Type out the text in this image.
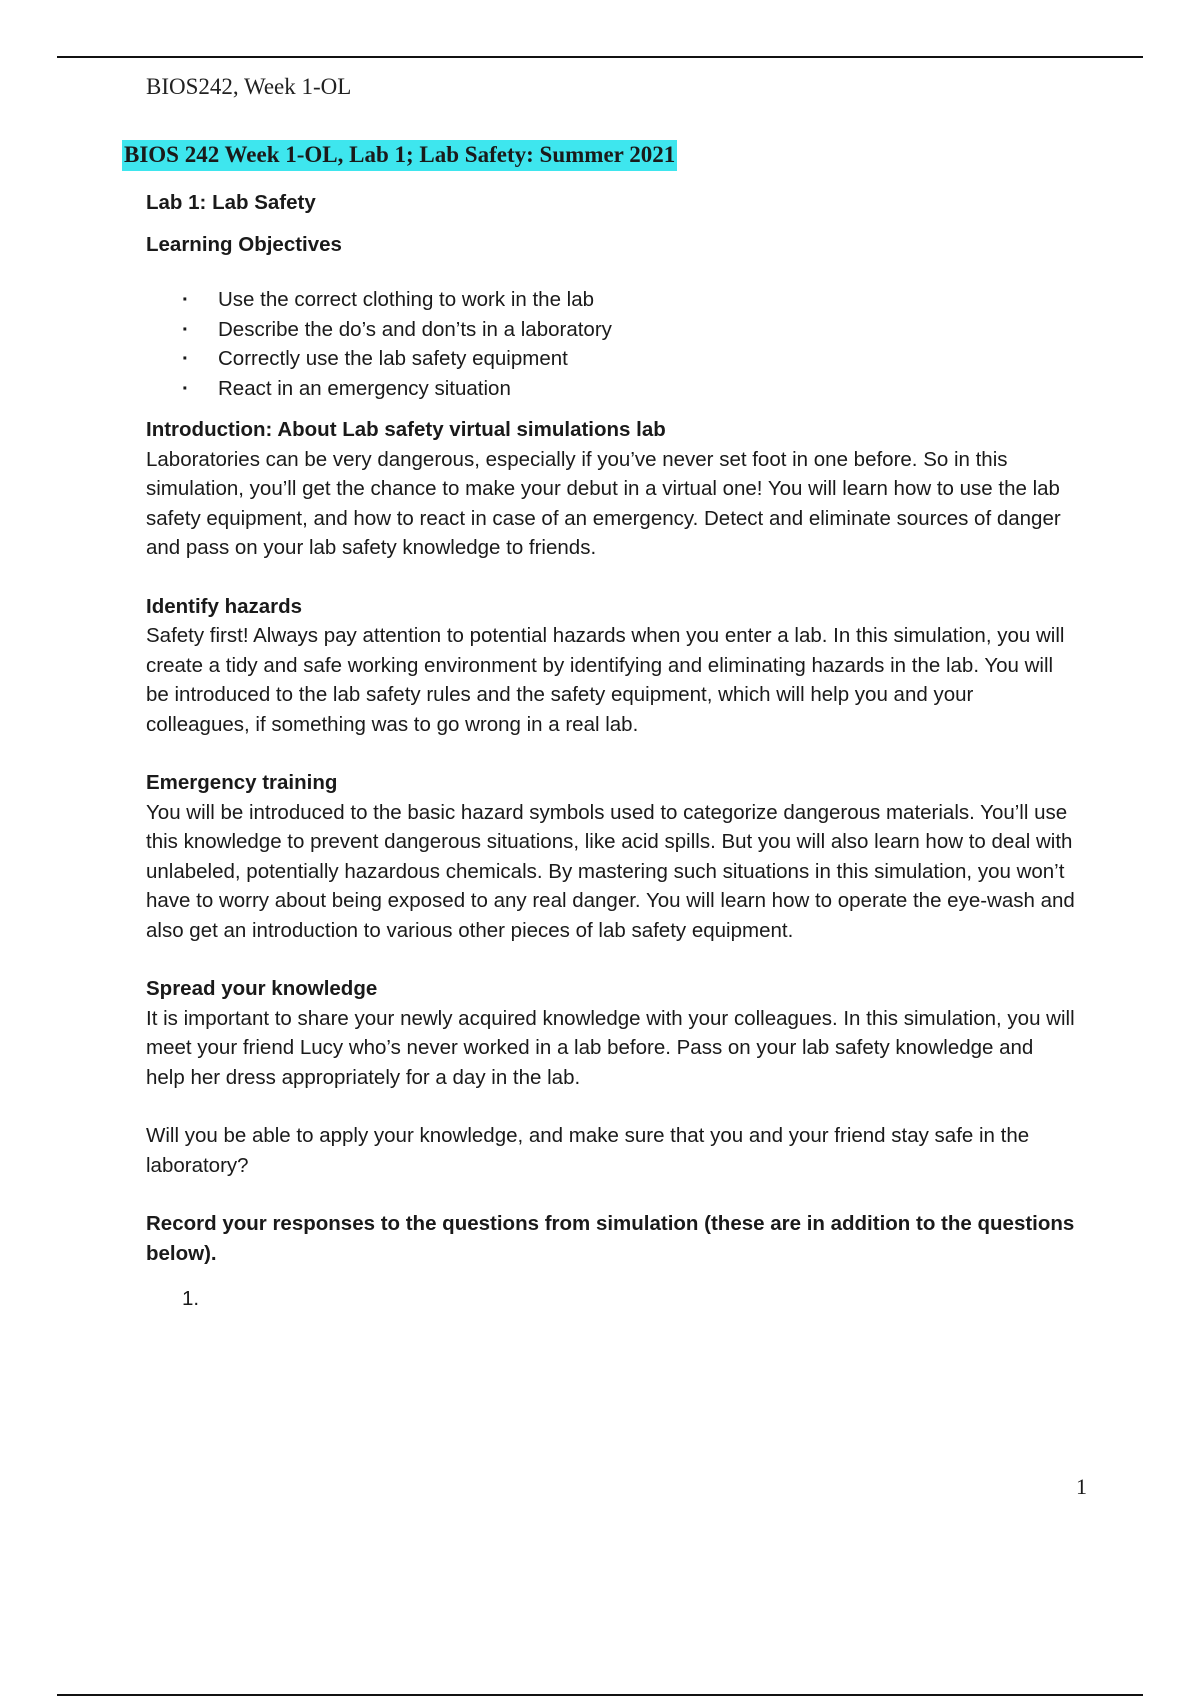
BIOS242, Week 1-OL
BIOS 242 Week 1-OL, Lab 1; Lab Safety: Summer 2021

Lab 1: Lab Safety

Learning Objectives

· Use the correct clothing to work in the lab
· Describe the do’s and don’ts in a laboratory
· Correctly use the lab safety equipment
· React in an emergency situation

Introduction: About Lab safety virtual simulations lab

Laboratories can be very dangerous, especially if you’ve never set foot in one before. So in this simulation, you’ll get the chance to make your debut in a virtual one! You will learn how to use the lab safety equipment, and how to react in case of an emergency. Detect and eliminate sources of danger and pass on your lab safety knowledge to friends.

Identify hazards

Safety first! Always pay attention to potential hazards when you enter a lab. In this simulation, you will create a tidy and safe working environment by identifying and eliminating hazards in the lab. You will be introduced to the lab safety rules and the safety equipment, which will help you and your colleagues, if something was to go wrong in a real lab.

Emergency training

You will be introduced to the basic hazard symbols used to categorize dangerous materials. You’ll use this knowledge to prevent dangerous situations, like acid spills. But you will also learn how to deal with unlabeled, potentially hazardous chemicals. By mastering such situations in this simulation, you won’t have to worry about being exposed to any real danger. You will learn how to operate the eye-wash and also get an introduction to various other pieces of lab safety equipment.

Spread your knowledge

It is important to share your newly acquired knowledge with your colleagues. In this simulation, you will meet your friend Lucy who’s never worked in a lab before. Pass on your lab safety knowledge and help her dress appropriately for a day in the lab.

Will you be able to apply your knowledge, and make sure that you and your friend stay safe in the laboratory?

Record your responses to the questions from simulation (these are in addition to the questions below).

1.
1
